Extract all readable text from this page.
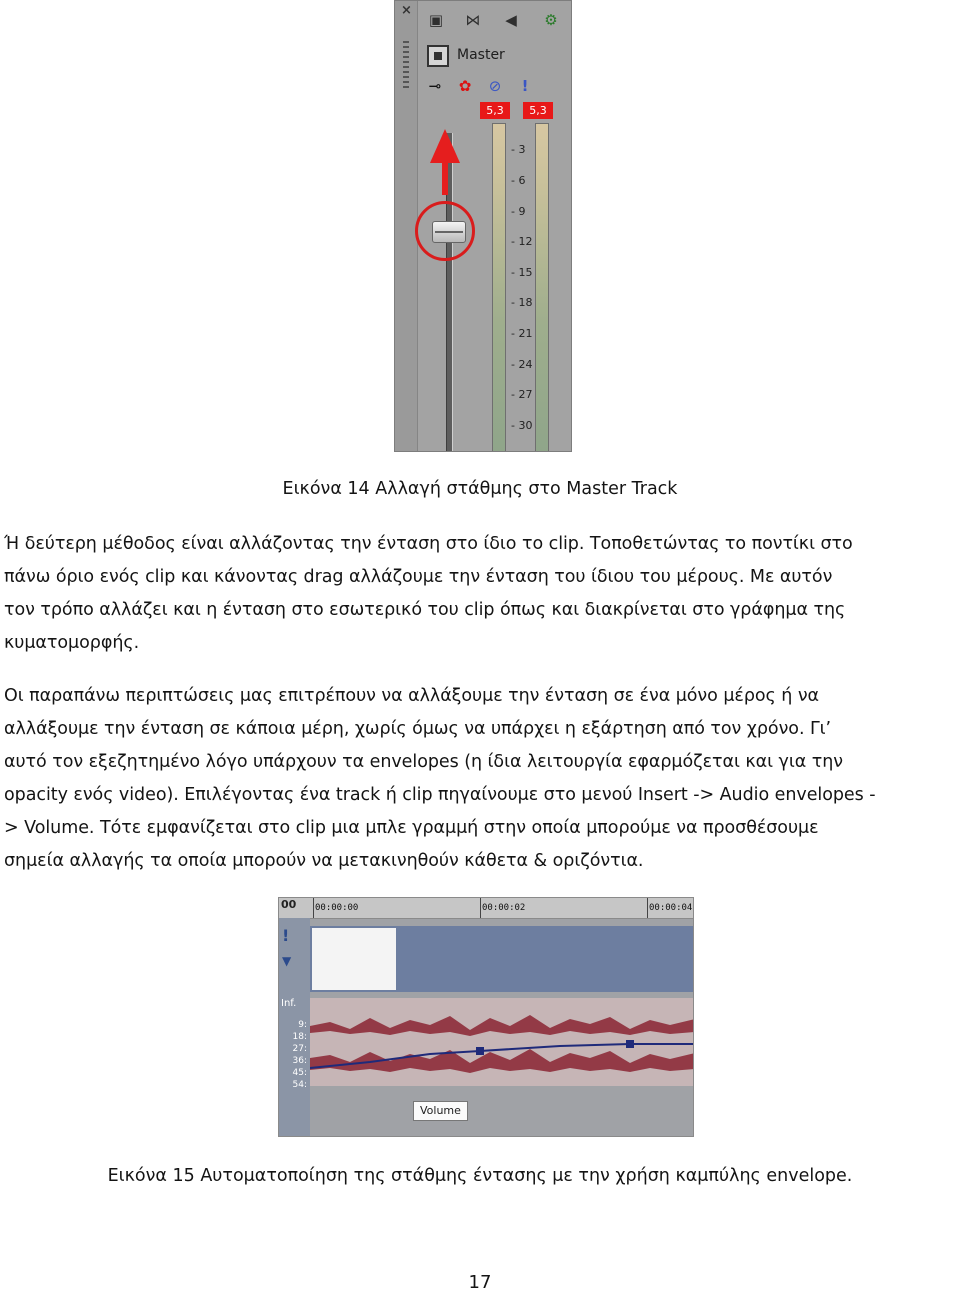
×
▣ ⋈	◀	⚙
Master
⊸ ✿ ⊘	!
5,3	5,3
- 3
- 6
- 9
- 12
- 15
- 18
- 21
- 24
- 27
- 30
Εικόνα 14 Αλλαγή στάθμης στο Master Track
Ή δεύτερη μέθοδος είναι αλλάζοντας την ένταση στο ίδιο το clip. Τοποθετώντας το ποντίκι στο
πάνω όριο ενός clip και κάνοντας drag αλλάζουμε την ένταση του ίδιου του μέρους. Με αυτόν
τον τρόπο αλλάζει και η ένταση στο εσωτερικό του clip όπως και διακρίνεται στο γράφημα της
κυματομορφής.
Οι παραπάνω περιπτώσεις μας επιτρέπουν να αλλάξουμε την ένταση σε ένα μόνο μέρος ή να
αλλάξουμε την ένταση σε κάποια μέρη, χωρίς όμως να υπάρχει η εξάρτηση από τον χρόνο. Γι’
αυτό τον εξεζητημένο λόγο υπάρχουν τα envelopes (η ίδια λειτουργία εφαρμόζεται και για την
opacity ενός video). Επιλέγοντας ένα track ή clip πηγαίνουμε στο μενού Insert -> Audio envelopes -
> Volume. Τότε εμφανίζεται στο clip μια μπλε γραμμή στην οποία μπορούμε να προσθέσουμε
σημεία αλλαγής τα οποία μπορούν να μετακινηθούν κάθετα & οριζόντια.
00 00:00:00	00:00:02	00:00:04
!
▼
Inf.
9:
18:
27:
36:
45:
54:
Volume
Εικόνα 15 Αυτοματοποίηση της στάθμης έντασης με την χρήση καμπύλης envelope.
17
